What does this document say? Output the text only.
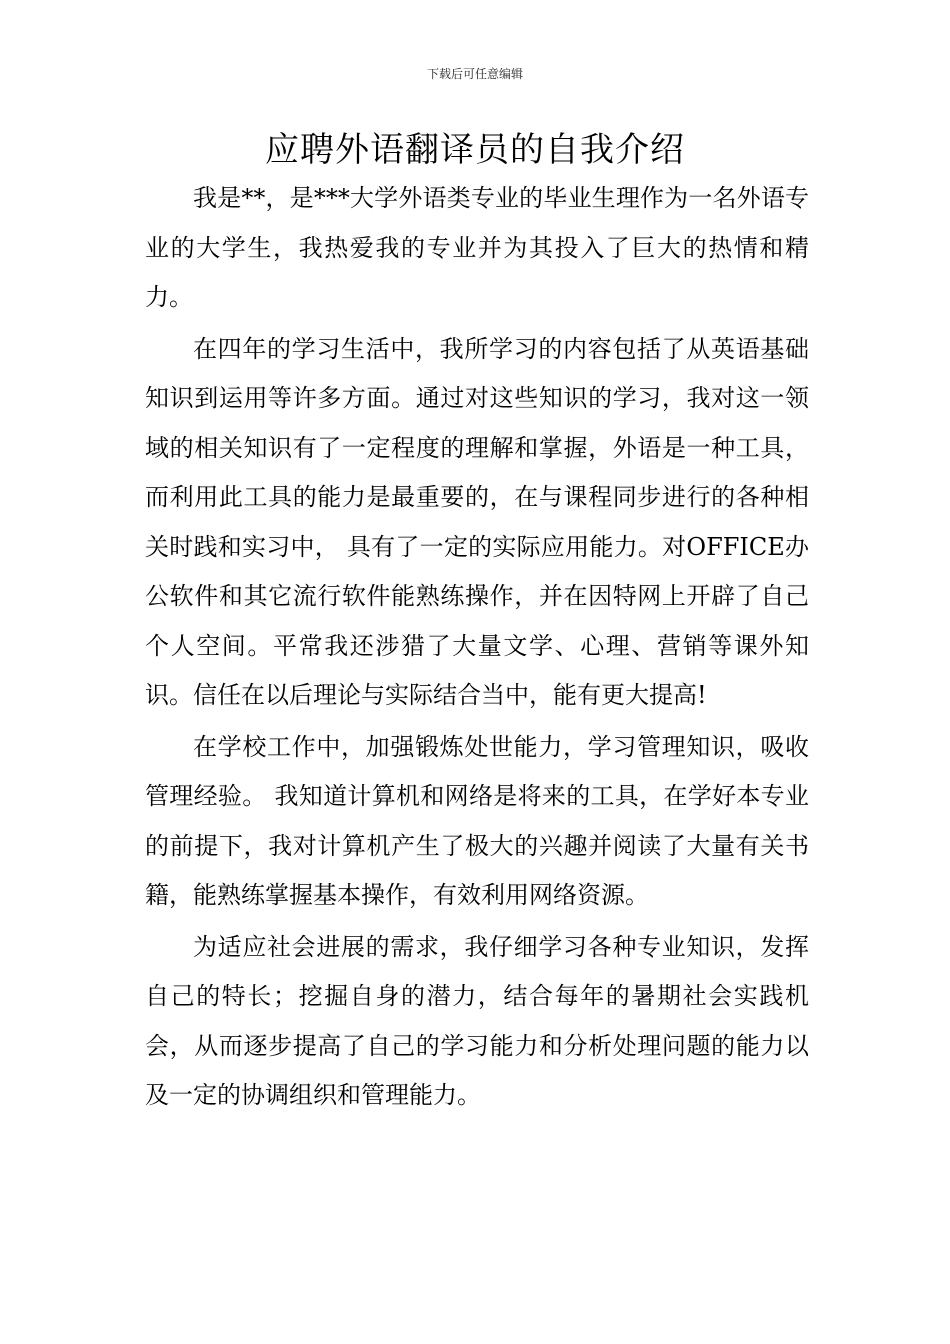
下载后可任意编辑
应聘外语翻译员的自我介绍

我是**，是***大学外语类专业的毕业生理作为一名外语专业的大学生，我热爱我的专业并为其投入了巨大的热情和精力。

在四年的学习生活中，我所学习的内容包括了从英语基础知识到运用等许多方面。通过对这些知识的学习，我对这一领域的相关知识有了一定程度的理解和掌握，外语是一种工具，而利用此工具的能力是最重要的，在与课程同步进行的各种相关时践和实习中， 具有了一定的实际应用能力。对OFFICE办公软件和其它流行软件能熟练操作，并在因特网上开辟了自己个人空间。平常我还涉猎了大量文学、心理、营销等课外知识。信任在以后理论与实际结合当中，能有更大提高!

在学校工作中，加强锻炼处世能力，学习管理知识，吸收管理经验。 我知道计算机和网络是将来的工具，在学好本专业的前提下，我对计算机产生了极大的兴趣并阅读了大量有关书籍，能熟练掌握基本操作，有效利用网络资源。

为适应社会进展的需求，我仔细学习各种专业知识，发挥自己的特长；挖掘自身的潜力，结合每年的暑期社会实践机会，从而逐步提高了自己的学习能力和分析处理问题的能力以及一定的协调组织和管理能力。
